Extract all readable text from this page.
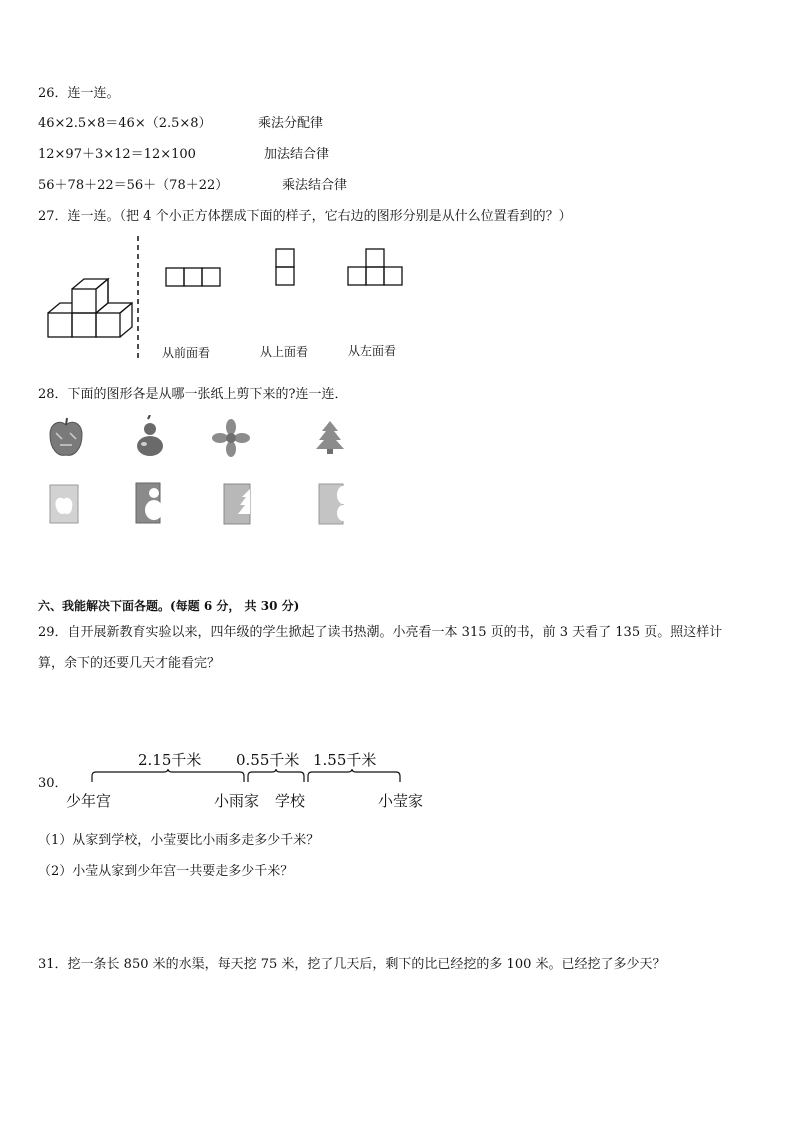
26．连一连。
46×2.5×8＝46×（2.5×8）	乘法分配律
12×97＋3×12＝12×100	加法结合律
56＋78＋22＝56＋（78＋22）	乘法结合律
27．连一连。（把 4 个小正方体摆成下面的样子，它右边的图形分别是从什么位置看到的？）
从前面看	从上面看	从左面看
28．下面的图形各是从哪一张纸上剪下来的?连一连．
六、我能解决下面各题。(每题 6 分， 共 30 分)
29．自开展新教育实验以来，四年级的学生掀起了读书热潮。小亮看一本 315 页的书，前 3 天看了 135 页。照这样计
算，余下的还要几天才能看完？
30．
2.15千米 0.55千米 1.55千米
少年宫	小雨家 学校	小莹家
（1）从家到学校，小莹要比小雨多走多少千米？
（2）小莹从家到少年宫一共要走多少千米？
31．挖一条长 850 米的水渠，每天挖 75 米，挖了几天后，剩下的比已经挖的多 100 米。已经挖了多少天？
